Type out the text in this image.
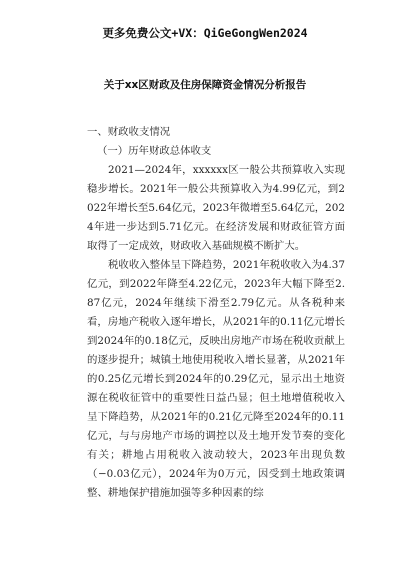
更多免费公文+VX：QiGeGongWen2024
关于xx区财政及住房保障资金情况分析报告

一、财政收支情况

（一）历年财政总体收支

2021—2024年，xxxxxx区一般公共预算收入实现稳步增长。2021年一般公共预算收入为4.99亿元，到2022年增长至5.64亿元，2023年微增至5.64亿元，2024年进一步达到5.71亿元。在经济发展和财政征管方面取得了一定成效，财政收入基础规模不断扩大。

税收收入整体呈下降趋势，2021年税收收入为4.37亿元，到2022年降至4.22亿元，2023年大幅下降至2.87亿元，2024年继续下滑至2.79亿元。从各税种来看，房地产税收入逐年增长，从2021年的0.11亿元增长到2024年的0.18亿元，反映出房地产市场在税收贡献上的逐步提升；城镇土地使用税收入增长显著，从2021年的0.25亿元增长到2024年的0.29亿元，显示出土地资源在税收征管中的重要性日益凸显；但土地增值税收入呈下降趋势，从2021年的0.21亿元降至2024年的0.11亿元，与与房地产市场的调控以及土地开发节奏的变化有关；耕地占用税收入波动较大，2023年出现负数（−0.03亿元），2024年为0万元，因受到土地政策调整、耕地保护措施加强等多种因素的综
